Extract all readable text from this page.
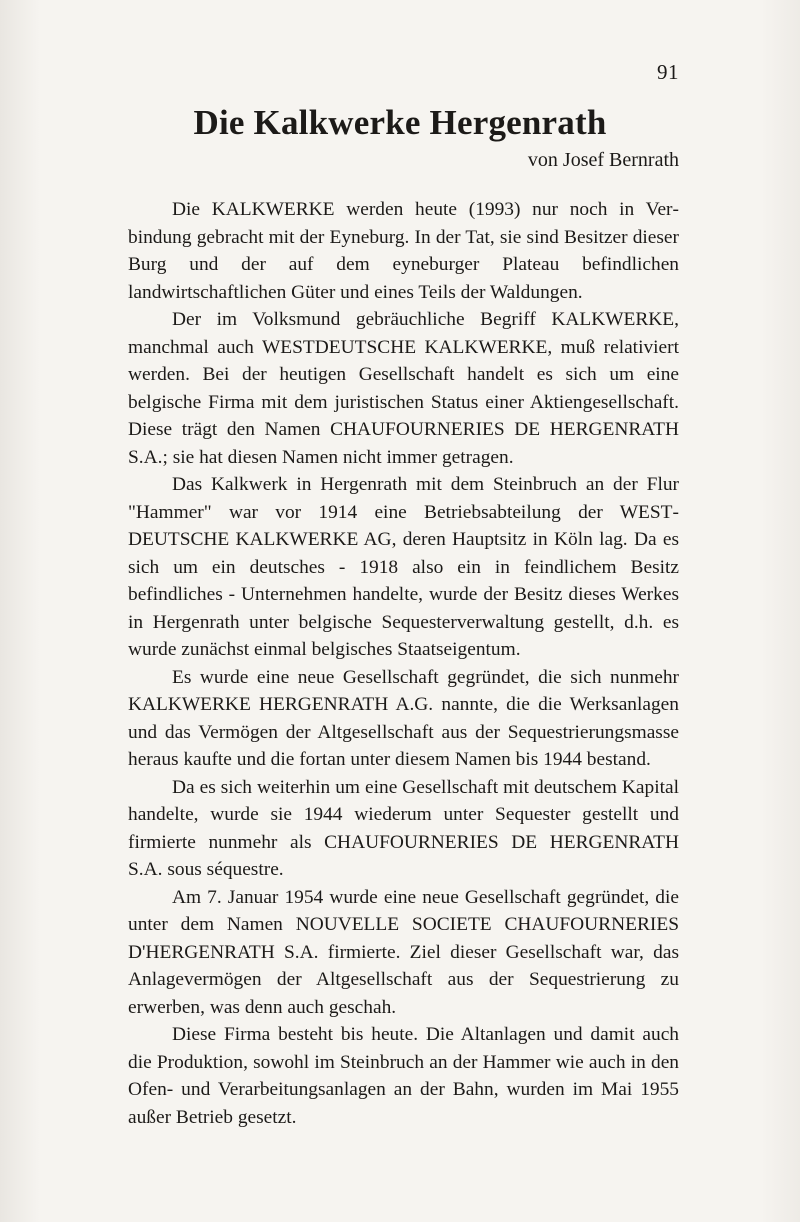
91
Die Kalkwerke Hergenrath
von Josef Bernrath

Die KALKWERKE werden heute (1993) nur noch in Verbindung gebracht mit der Eyneburg. In der Tat, sie sind Besitzer dieser Burg und der auf dem eyneburger Plateau befindlichen landwirtschaftlichen Güter und eines Teils der Waldungen.

Der im Volksmund gebräuchliche Begriff KALKWERKE, manchmal auch WESTDEUTSCHE KALKWERKE, muß relativiert werden. Bei der heutigen Gesellschaft handelt es sich um eine belgische Firma mit dem juristischen Status einer Aktiengesellschaft. Diese trägt den Namen CHAUFOURNERIES DE HERGENRATH S.A.; sie hat diesen Namen nicht immer getragen.

Das Kalkwerk in Hergenrath mit dem Steinbruch an der Flur "Hammer" war vor 1914 eine Betriebsabteilung der WESTDEUTSCHE KALKWERKE AG, deren Hauptsitz in Köln lag. Da es sich um ein deutsches - 1918 also ein in feindlichem Besitz befindliches - Unternehmen handelte, wurde der Besitz dieses Werkes in Hergenrath unter belgische Sequesterverwaltung gestellt, d.h. es wurde zunächst einmal belgisches Staatseigentum.

Es wurde eine neue Gesellschaft gegründet, die sich nunmehr KALKWERKE HERGENRATH A.G. nannte, die die Werksanlagen und das Vermögen der Altgesellschaft aus der Sequestrierungsmasse heraus kaufte und die fortan unter diesem Namen bis 1944 bestand.

Da es sich weiterhin um eine Gesellschaft mit deutschem Kapital handelte, wurde sie 1944 wiederum unter Sequester gestellt und firmierte nunmehr als CHAUFOURNERIES DE HERGENRATH S.A. sous séquestre.

Am 7. Januar 1954 wurde eine neue Gesellschaft gegründet, die unter dem Namen NOUVELLE SOCIETE CHAUFOURNERIES D'HERGENRATH S.A. firmierte. Ziel dieser Gesellschaft war, das Anlagevermögen der Altgesellschaft aus der Sequestrierung zu erwerben, was denn auch geschah.

Diese Firma besteht bis heute. Die Altanlagen und damit auch die Produktion, sowohl im Steinbruch an der Hammer wie auch in den Ofen- und Verarbeitungsanlagen an der Bahn, wurden im Mai 1955 außer Betrieb gesetzt.
